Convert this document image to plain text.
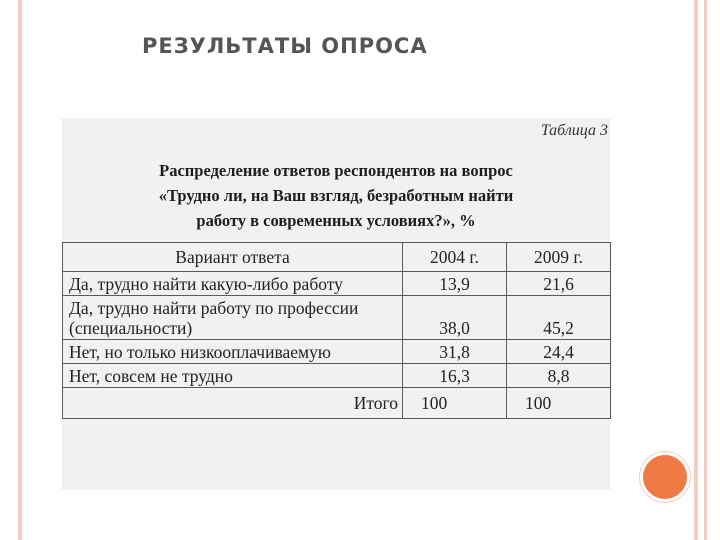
РЕЗУЛЬТАТЫ ОПРОСА
Таблица 3
Распределение ответов респондентов на вопрос
«Трудно ли, на Ваш взгляд, безработным найти
работу в современных условиях?», %
Вариант ответа	2004 г.	2009 г.
Да, трудно найти какую-либо работу	13,9	21,6
Да, трудно найти работу по профессии (специальности)	38,0	45,2
Нет, но только низкооплачиваемую	31,8	24,4
Нет, совсем не трудно	16,3	8,8
Итого	100	100
